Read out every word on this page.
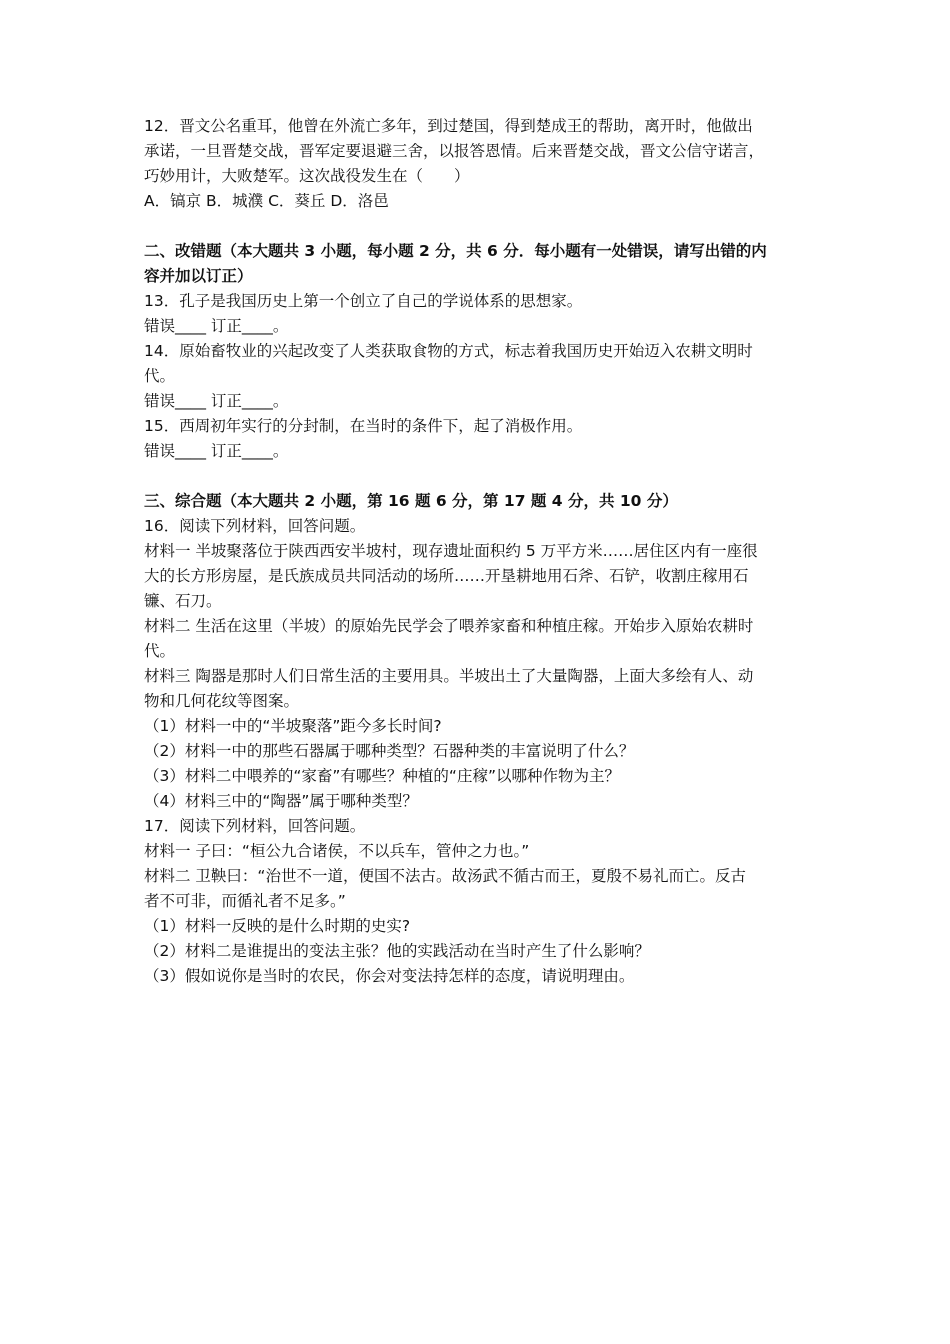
12．晋文公名重耳，他曾在外流亡多年，到过楚国，得到楚成王的帮助，离开时，他做出
承诺，一旦晋楚交战，晋军定要退避三舍，以报答恩情。后来晋楚交战，晋文公信守诺言，
巧妙用计，大败楚军。这次战役发生在（　　）
A．镐京 B．城濮 C．葵丘 D．洛邑
二、改错题（本大题共 3 小题，每小题 2 分，共 6 分．每小题有一处错误，请写出错的内
容并加以订正）
13．孔子是我国历史上第一个创立了自己的学说体系的思想家。
错误____ 订正____。
14．原始畜牧业的兴起改变了人类获取食物的方式，标志着我国历史开始迈入农耕文明时
代。
错误____ 订正____。
15．西周初年实行的分封制，在当时的条件下，起了消极作用。
错误____ 订正____。
三、综合题（本大题共 2 小题，第 16 题 6 分，第 17 题 4 分，共 10 分）
16．阅读下列材料，回答问题。
材料一 半坡聚落位于陕西西安半坡村，现存遗址面积约 5 万平方米……居住区内有一座很
大的长方形房屋，是氏族成员共同活动的场所……开垦耕地用石斧、石铲，收割庄稼用石
镰、石刀。
材料二 生活在这里（半坡）的原始先民学会了喂养家畜和种植庄稼。开始步入原始农耕时
代。
材料三 陶器是那时人们日常生活的主要用具。半坡出土了大量陶器，上面大多绘有人、动
物和几何花纹等图案。
（1）材料一中的“半坡聚落”距今多长时间?
（2）材料一中的那些石器属于哪种类型？石器种类的丰富说明了什么？
（3）材料二中喂养的“家畜”有哪些？种植的“庄稼”以哪种作物为主？
（4）材料三中的“陶器”属于哪种类型？
17．阅读下列材料，回答问题。
材料一 子曰：“桓公九合诸侯，不以兵车，管仲之力也。”
材料二 卫鞅曰：“治世不一道，便国不法古。故汤武不循古而王，夏殷不易礼而亡。反古
者不可非，而循礼者不足多。”
（1）材料一反映的是什么时期的史实?
（2）材料二是谁提出的变法主张？他的实践活动在当时产生了什么影响？
（3）假如说你是当时的农民，你会对变法持怎样的态度，请说明理由。
